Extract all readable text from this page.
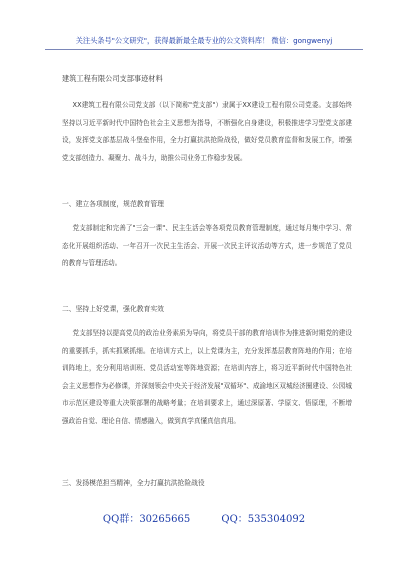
关注头条号"公文研究"，获得最新最全最专业的公文资料库！ 微信：gongwenyj
建筑工程有限公司支部事迹材料
XX建筑工程有限公司党支部（以下简称"党支部"）隶属于XX建设工程有限公司党委。支部始终坚持以习近平新时代中国特色社会主义思想为指导，不断强化自身建设，积极推进学习型党支部建设，发挥党支部基层战斗堡垒作用，全力打赢抗洪抢险战役，做好党员教育监督和发展工作，增强党支部创造力、凝聚力、战斗力，助推公司业务工作稳步发展。
一、建立各项制度，规范教育管理
党支部制定和完善了"三会一课"、民主生活会等各项党员教育管理制度，通过每月集中学习、常态化开展组织活动、一年召开一次民主生活会、开展一次民主评议活动等方式，进一步规范了党员的教育与管理活动。
二、坚持上好党课，强化教育实效
党支部坚持以提高党员的政治业务素质为导向，将党员干部的教育培训作为推进新时期党的建设的重要抓手，抓实抓紧抓细。在培训方式上，以上党课为主，充分发挥基层教育阵地的作用；在培训阵地上，充分利用培训班、党员活动室等阵地资源；在培训内容上，将习近平新时代中国特色社会主义思想作为必修课，并深刻领会中央关于经济发展"双循环"、成渝地区双城经济圈建设、公园城市示范区建设等重大决策部署的战略考量；在培训要求上，通过深原著、学原文、悟原理，不断增强政治自觉、理论自信、情感融入，做到真学真懂真信真用。
三、发扬模范担当精神，全力打赢抗洪抢险战役
QQ群：30265665	QQ：535304092
